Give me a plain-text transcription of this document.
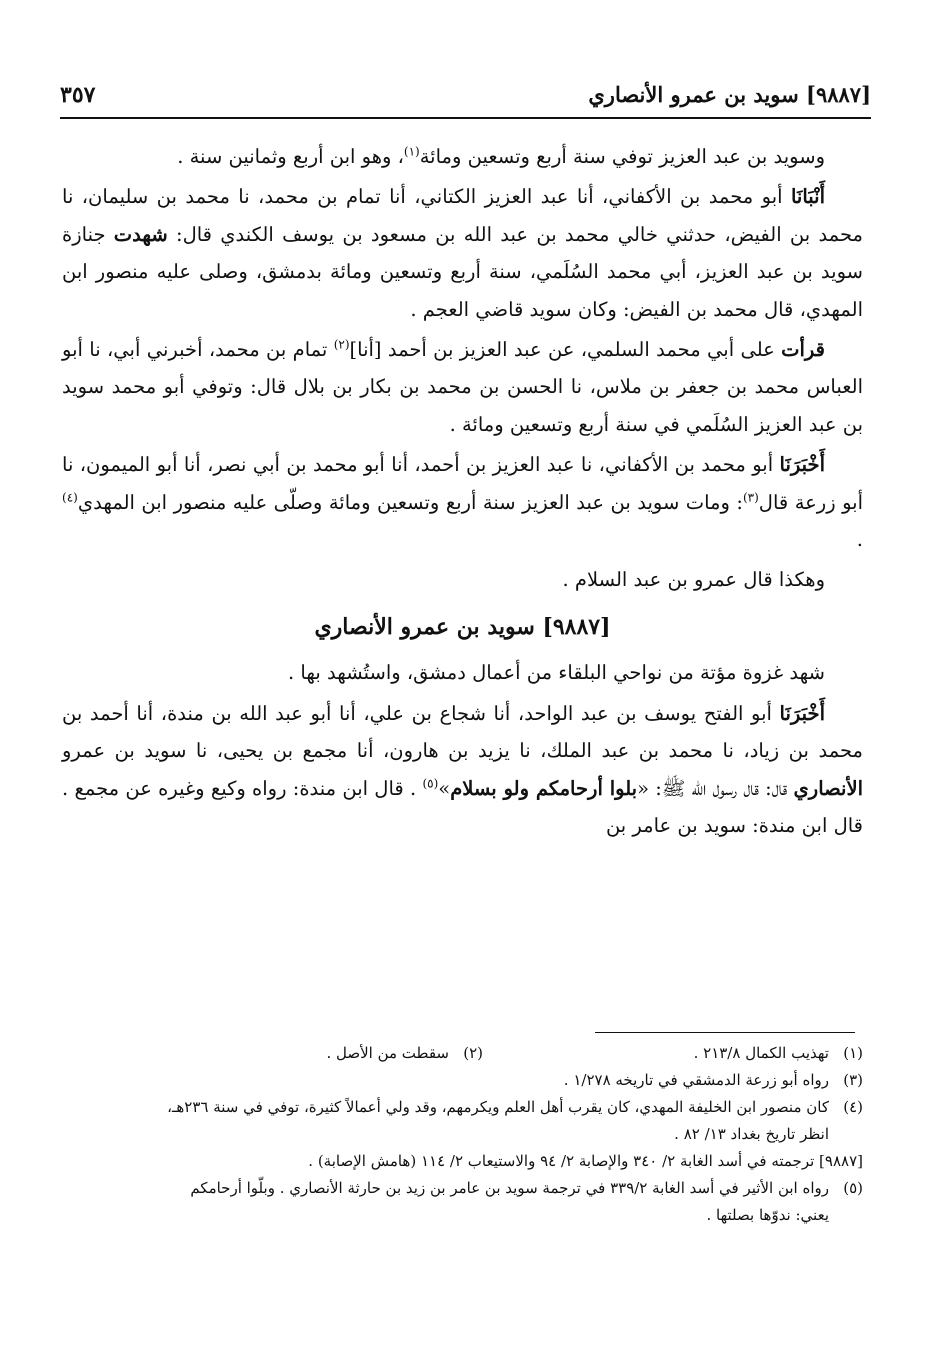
[٩٨٨٧] سويد بن عمرو الأنصاري
٣٥٧

وسويد بن عبد العزيز توفي سنة أربع وتسعين ومائة$^{(١)}$، وهو ابن أربع وثمانين سنة .

أَنْبَانَا أبو محمد بن الأكفاني، أنا عبد العزيز الكتاني، أنا تمام بن محمد، نا محمد بن سليمان، نا محمد بن الفيض، حدثني خالي محمد بن عبد الله بن مسعود بن يوسف الكندي قال: شهدت جنازة سويد بن عبد العزيز، أبي محمد السُلَمي، سنة أربع وتسعين ومائة بدمشق، وصلى عليه منصور ابن المهدي، قال محمد بن الفيض: وكان سويد قاضي العجم .

قرأت على أبي محمد السلمي، عن عبد العزيز بن أحمد [أنا]$^{(٢)}$ تمام بن محمد، أخبرني أبي، نا أبو العباس محمد بن جعفر بن ملاس، نا الحسن بن محمد بن بكار بن بلال قال: وتوفي أبو محمد سويد بن عبد العزيز السُلَمي في سنة أربع وتسعين ومائة .

أَخْبَرَنَا أبو محمد بن الأكفاني، نا عبد العزيز بن أحمد، أنا أبو محمد بن أبي نصر، أنا أبو الميمون، نا أبو زرعة قال$^{(٣)}$: ومات سويد بن عبد العزيز سنة أربع وتسعين ومائة وصلّى عليه منصور ابن المهدي$^{(٤)}$ .

وهكذا قال عمرو بن عبد السلام .

[٩٨٨٧] سويد بن عمرو الأنصاري

شهد غزوة مؤتة من نواحي البلقاء من أعمال دمشق، واستُشهد بها .

أَخْبَرَنَا أبو الفتح يوسف بن عبد الواحد، أنا شجاع بن علي، أنا أبو عبد الله بن مندة، أنا أحمد بن محمد بن زياد، نا محمد بن عبد الملك، نا يزيد بن هارون، أنا مجمع بن يحيى، نا سويد بن عمرو الأنصاري قال: قال رسول الله ﷺ: «بلوا أرحامكم ولو بسلام»$^{(٥)}$ . قال ابن مندة: رواه وكيع وغيره عن مجمع . قال ابن مندة: سويد بن عامر بن

(١)
تهذيب الكمال ٢١٣/٨ .
(٢)
سقطت من الأصل .
(٣)
رواه أبو زرعة الدمشقي في تاريخه ١/٢٧٨ .
(٤)
كان منصور ابن الخليفة المهدي، كان يقرب أهل العلم ويكرمهم، وقد ولي أعمالاً كثيرة، توفي في سنة ٢٣٦هـ،
انظر تاريخ بغداد ١٣/ ٨٢ .
[٩٨٨٧] ترجمته في أسد الغابة ٢/ ٣٤٠ والإصابة ٢/ ٩٤ والاستيعاب ٢/ ١١٤ (هامش الإصابة) .
(٥)
رواه ابن الأثير في أسد الغابة ٣٣٩/٢ في ترجمة سويد بن عامر بن زيد بن حارثة الأنصاري . وبلّوا أرحامكم
يعني: ندوّها بصلتها .
